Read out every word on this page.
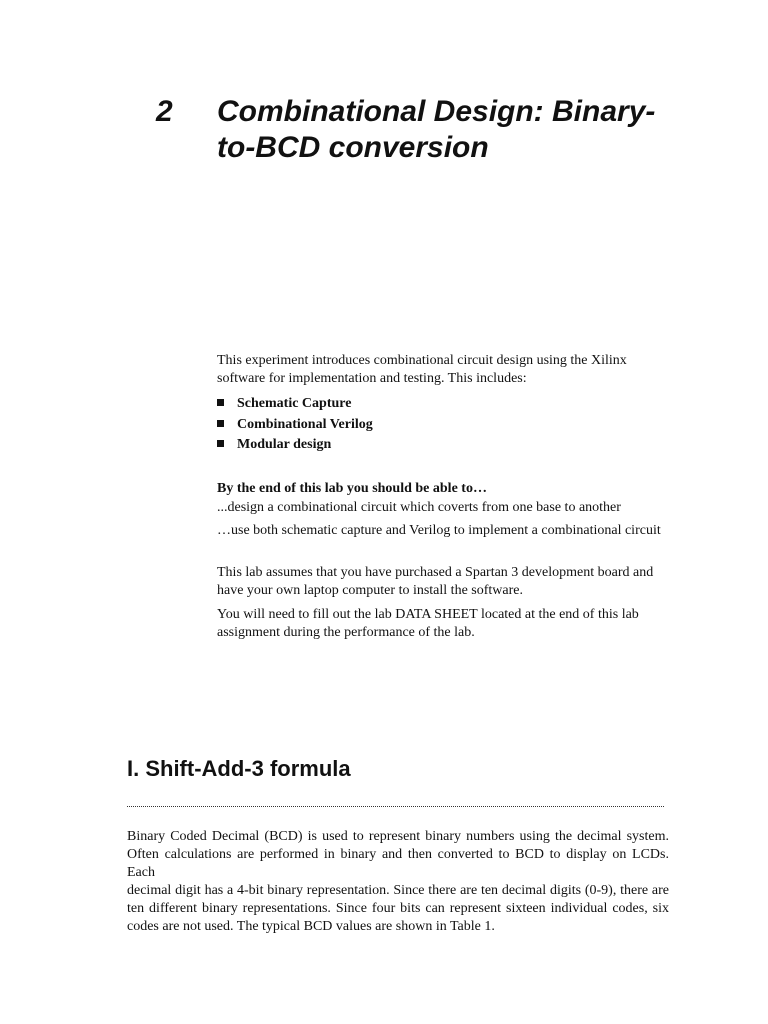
2 Combinational Design: Binary-
to-BCD conversion
This experiment introduces combinational circuit design using the Xilinx
software for implementation and testing. This includes:
Schematic Capture
Combinational Verilog
Modular design
By the end of this lab you should be able to…
...design a combinational circuit which coverts from one base to another
…use both schematic capture and Verilog to implement a combinational circuit
This lab assumes that you have purchased a Spartan 3 development board and
have your own laptop computer to install the software.
You will need to fill out the lab DATA SHEET located at the end of this lab
assignment during the performance of the lab.
I. Shift-Add-3 formula
Binary Coded Decimal (BCD) is used to represent binary numbers using the decimal system.
Often calculations are performed in binary and then converted to BCD to display on LCDs. Each
decimal digit has a 4-bit binary representation. Since there are ten decimal digits (0-9), there are
ten different binary representations. Since four bits can represent sixteen individual codes, six
codes are not used. The typical BCD values are shown in Table 1.
